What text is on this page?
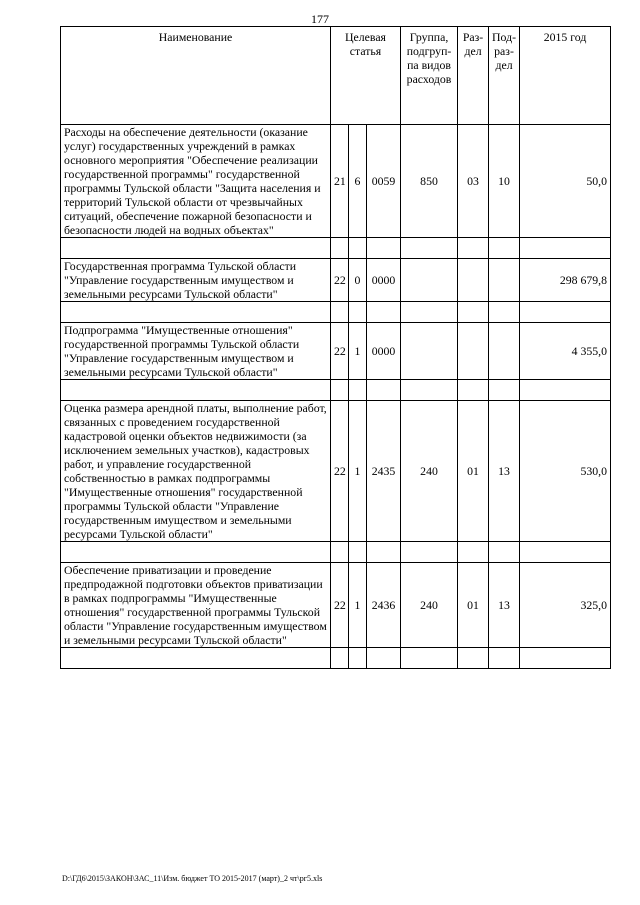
177
Наименование	Целевая статья			Группа, подгруп-па видов расходов	Раз-дел	Под-раз-дел	2015 год
Расходы на обеспечение деятельности (оказание услуг) государственных учреждений в рамках основного мероприятия "Обеспечение реализации государственной программы" государственной программы Тульской области "Защита населения и территорий Тульской области от чрезвычайных ситуаций, обеспечение пожарной безопасности и безопасности людей на водных объектах"	21	6	0059	850	03	10	50,0

Государственная программа Тульской области "Управление государственным имуществом и земельными ресурсами Тульской области"	22	0	0000				298 679,8

Подпрограмма "Имущественные отношения" государственной программы Тульской области "Управление государственным имуществом и земельными ресурсами Тульской области"	22	1	0000				4 355,0

Оценка размера арендной платы, выполнение работ, связанных с проведением государственной кадастровой оценки объектов недвижимости (за исключением земельных участков), кадастровых работ, и управление государственной собственностью в рамках подпрограммы "Имущественные отношения" государственной программы Тульской области "Управление государственным имуществом и земельными ресурсами Тульской области"	22	1	2435	240	01	13	530,0

Обеспечение приватизации и проведение предпродажной подготовки объектов приватизации в рамках подпрограммы "Имущественные отношения" государственной программы Тульской области "Управление государственным имуществом и земельными ресурсами Тульской области"	22	1	2436	240	01	13	325,0

D:\ГД6\2015\ЗАКОН\ЗАС_11\Изм. бюджет ТО 2015-2017 (март)_2 чт\рг5.xls
